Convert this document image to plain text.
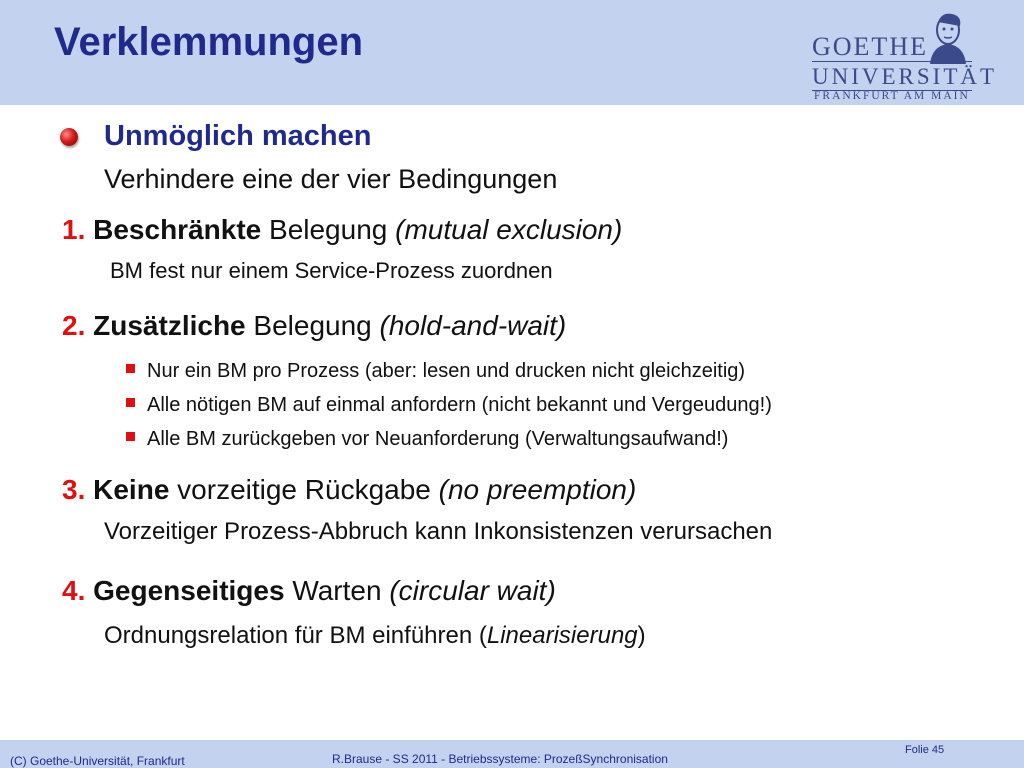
Verklemmungen	GOETHE
UNIVERSITÄT
FRANKFURT AM MAIN
Unmöglich machen
Verhindere eine der vier Bedingungen
1. Beschränkte Belegung (mutual exclusion)
BM fest nur einem Service-Prozess zuordnen
2. Zusätzliche Belegung (hold-and-wait)
Nur ein BM pro Prozess (aber: lesen und drucken nicht gleichzeitig)
Alle nötigen BM auf einmal anfordern (nicht bekannt und Vergeudung!)
Alle BM zurückgeben vor Neuanforderung (Verwaltungsaufwand!)
3. Keine vorzeitige Rückgabe (no preemption)
Vorzeitiger Prozess-Abbruch kann Inkonsistenzen verursachen
4. Gegenseitiges Warten (circular wait)
Ordnungsrelation für BM einführen (Linearisierung)
(C) Goethe-Universität, Frankfurt	R.Brause - SS 2011 - Betriebssysteme: ProzeßSynchronisation
Folie 45
